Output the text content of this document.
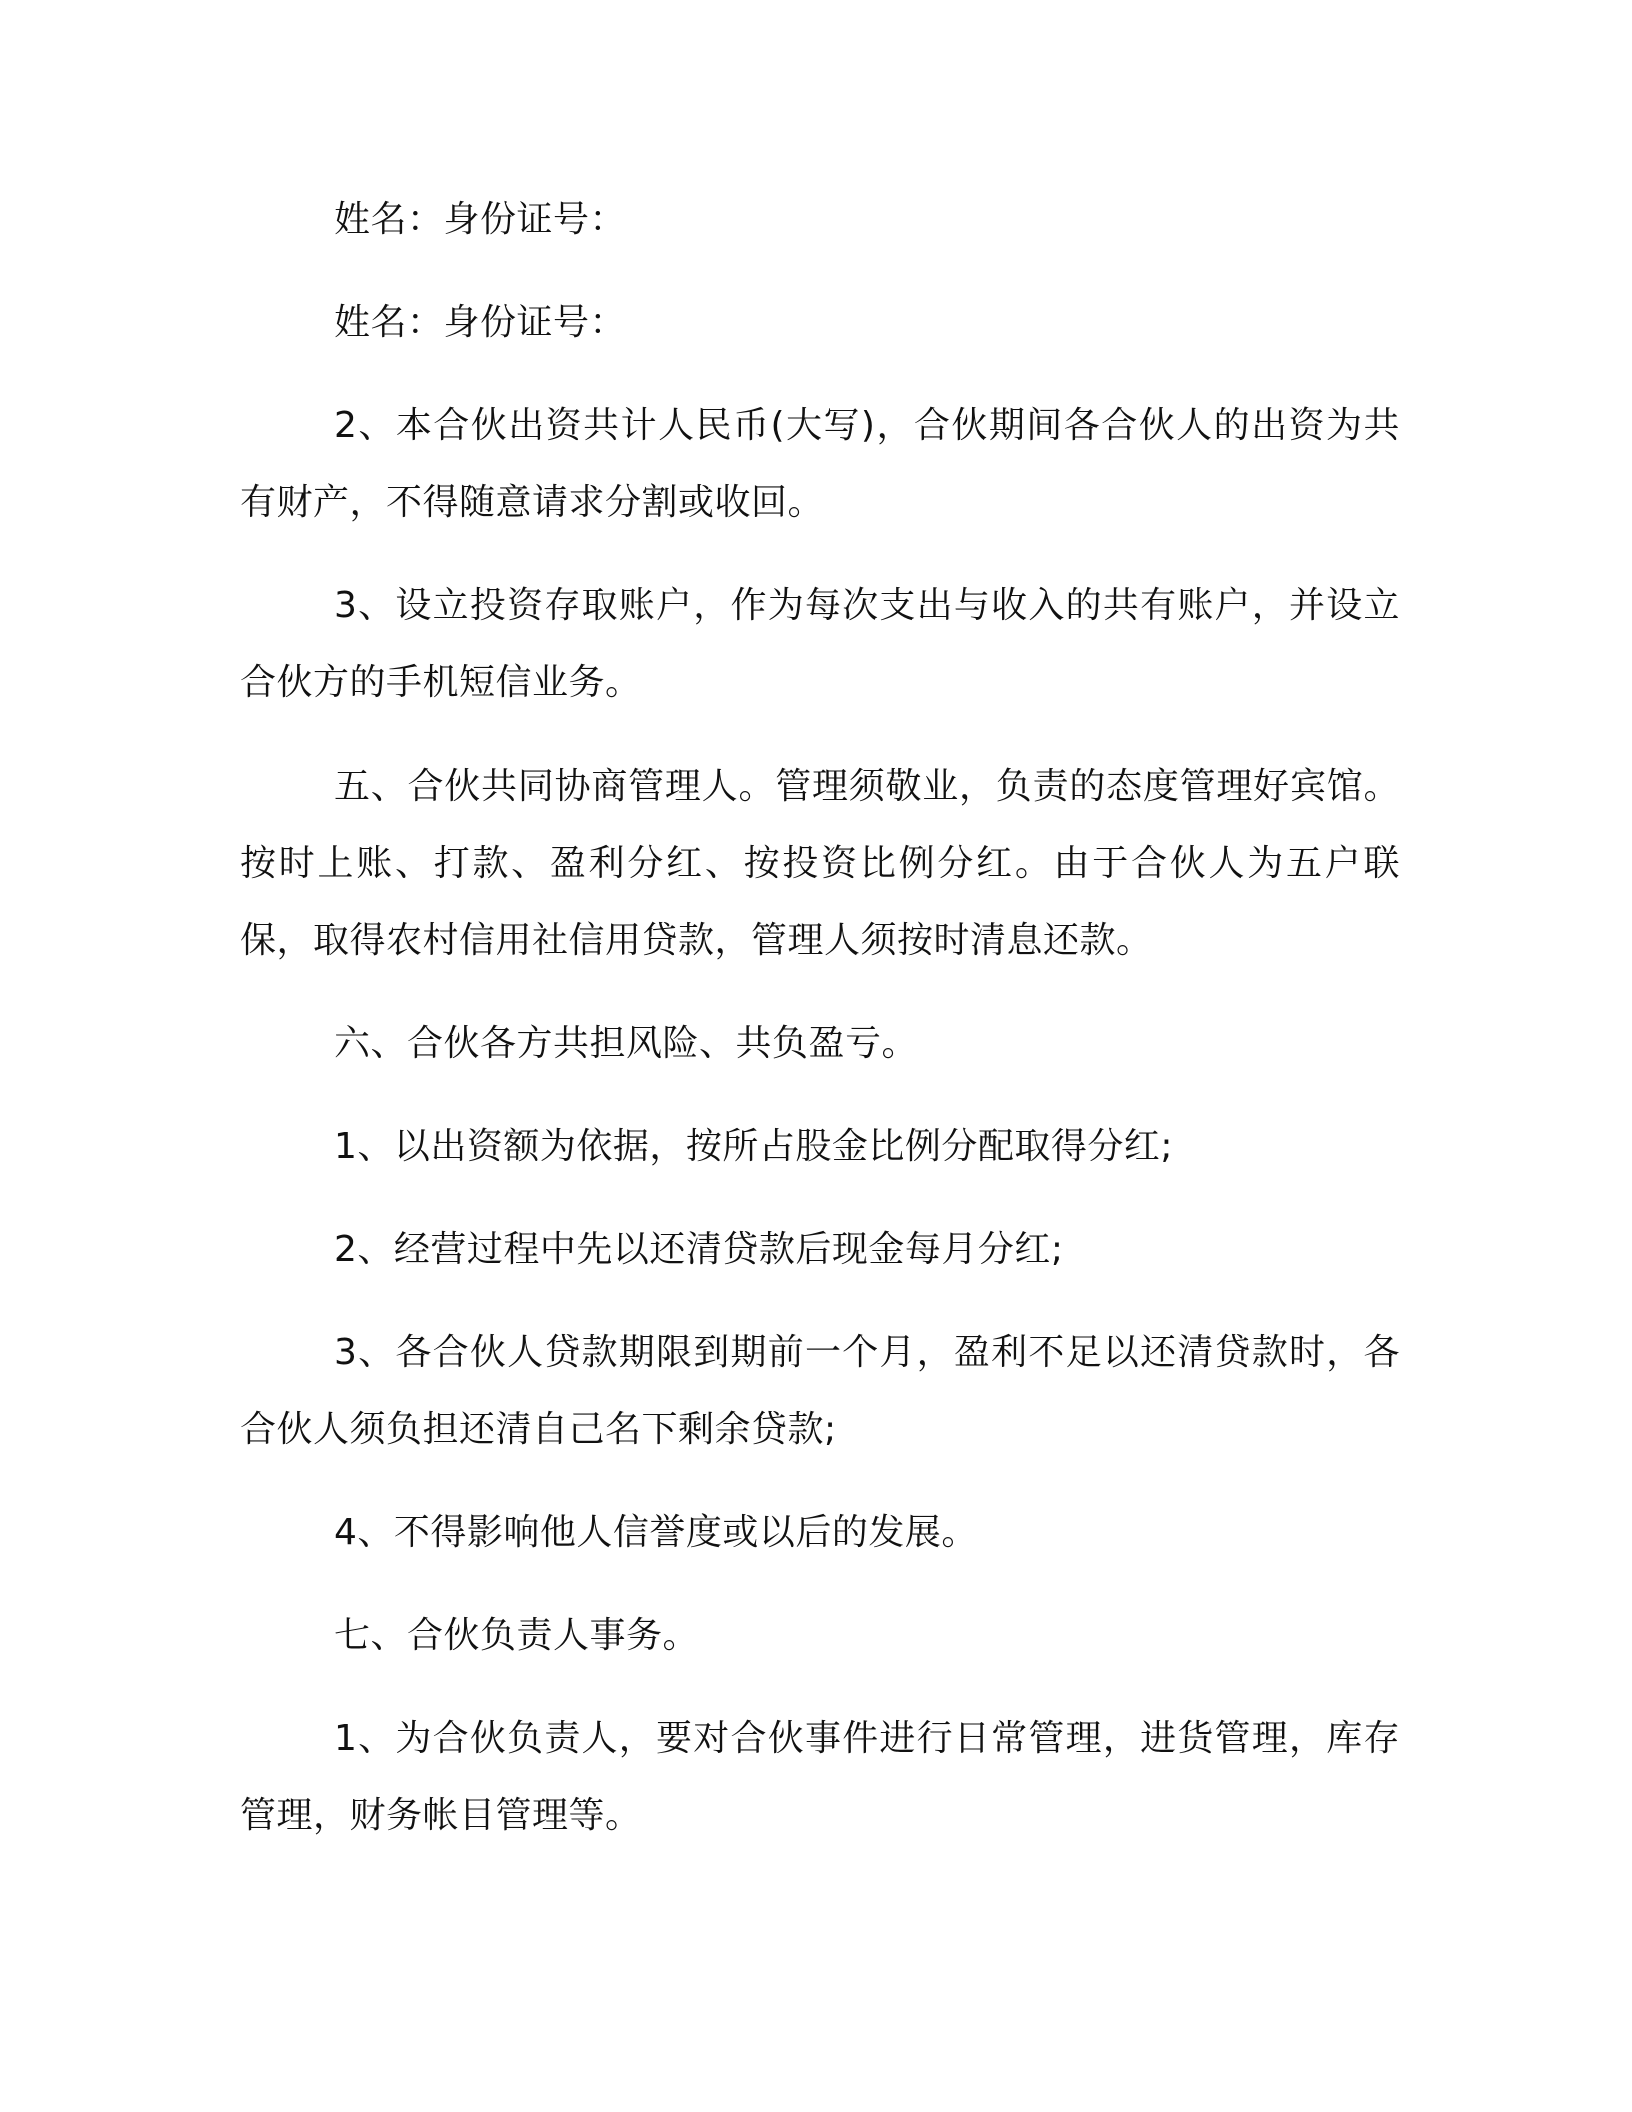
姓名：身份证号：

姓名：身份证号：

2、本合伙出资共计人民币(大写)，合伙期间各合伙人的出资为共有财产，不得随意请求分割或收回。

3、设立投资存取账户，作为每次支出与收入的共有账户，并设立合伙方的手机短信业务。

五、合伙共同协商管理人。管理须敬业，负责的态度管理好宾馆。按时上账、打款、盈利分红、按投资比例分红。由于合伙人为五户联保，取得农村信用社信用贷款，管理人须按时清息还款。

六、合伙各方共担风险、共负盈亏。

1、以出资额为依据，按所占股金比例分配取得分红;

2、经营过程中先以还清贷款后现金每月分红;

3、各合伙人贷款期限到期前一个月，盈利不足以还清贷款时，各合伙人须负担还清自己名下剩余贷款;

4、不得影响他人信誉度或以后的发展。

七、合伙负责人事务。

1、为合伙负责人，要对合伙事件进行日常管理，进货管理，库存管理，财务帐目管理等。
